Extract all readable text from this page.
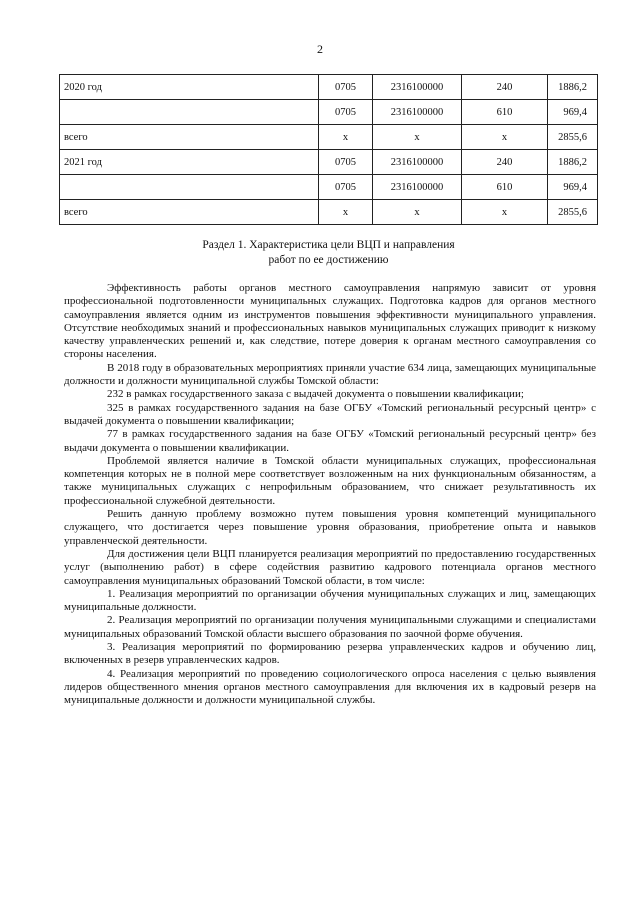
2
2020 год	0705	2316100000	240	1886,2
	0705	2316100000	610	969,4
всего	х	х	х	2855,6
2021 год	0705	2316100000	240	1886,2
	0705	2316100000	610	969,4
всего	х	х	х	2855,6
Раздел 1. Характеристика цели ВЦП и направления
работ по ее достижению

Эффективность работы органов местного самоуправления напрямую зависит от уровня профессиональной подготовленности муниципальных служащих. Подготовка кадров для органов местного самоуправления является одним из инструментов повышения эффективности муниципального управления. Отсутствие необходимых знаний и профессиональных навыков муниципальных служащих приводит к низкому качеству управленческих решений и, как следствие, потере доверия к органам местного самоуправления со стороны населения.

В 2018 году в образовательных мероприятиях приняли участие 634 лица, замещающих муниципальные должности и должности муниципальной службы Томской области:

232 в рамках государственного заказа с выдачей документа о повышении квалификации;

325 в рамках государственного задания на базе ОГБУ «Томский региональный ресурсный центр» с выдачей документа о повышении квалификации;

77 в рамках государственного задания на базе ОГБУ «Томский региональный ресурсный центр» без выдачи документа о повышении квалификации.

Проблемой является наличие в Томской области муниципальных служащих, профессиональная компетенция которых не в полной мере соответствует возложенным на них функциональным обязанностям, а также муниципальных служащих с непрофильным образованием, что снижает результативность их профессиональной служебной деятельности.

Решить данную проблему возможно путем повышения уровня компетенций муниципального служащего, что достигается через повышение уровня образования, приобретение опыта и навыков управленческой деятельности.

Для достижения цели ВЦП планируется реализация мероприятий по предоставлению государственных услуг (выполнению работ) в сфере содействия развитию кадрового потенциала органов местного самоуправления муниципальных образований Томской области, в том числе:

1. Реализация мероприятий по организации обучения муниципальных служащих и лиц, замещающих муниципальные должности.

2. Реализация мероприятий по организации получения муниципальными служащими и специалистами муниципальных образований Томской области высшего образования по заочной форме обучения.

3. Реализация мероприятий по формированию резерва управленческих кадров и обучению лиц, включенных в резерв управленческих кадров.

4. Реализация мероприятий по проведению социологического опроса населения с целью выявления лидеров общественного мнения органов местного самоуправления для включения их в кадровый резерв на муниципальные должности и должности муниципальной службы.
